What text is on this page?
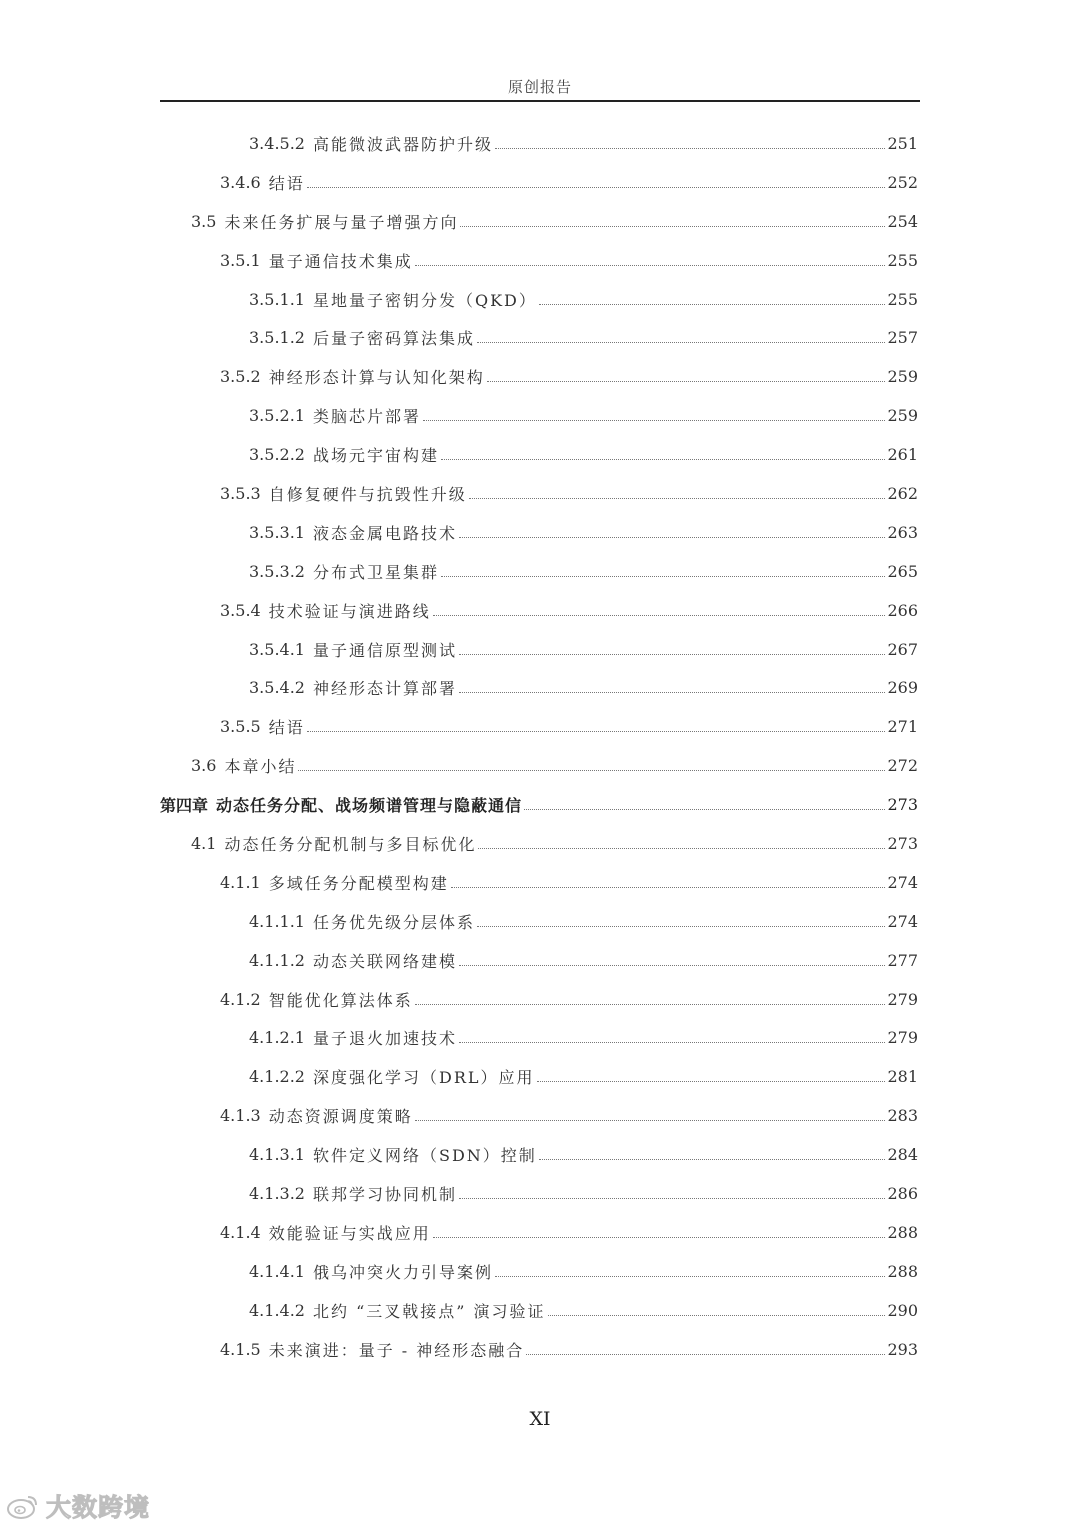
原创报告
3.4.5.2 高能微波武器防护升级	251
3.4.6 结语	252
3.5 未来任务扩展与量子增强方向	254
3.5.1 量子通信技术集成	255
3.5.1.1 星地量子密钥分发（QKD）	255
3.5.1.2 后量子密码算法集成	257
3.5.2 神经形态计算与认知化架构	259
3.5.2.1 类脑芯片部署	259
3.5.2.2 战场元宇宙构建	261
3.5.3 自修复硬件与抗毁性升级	262
3.5.3.1 液态金属电路技术	263
3.5.3.2 分布式卫星集群	265
3.5.4 技术验证与演进路线	266
3.5.4.1 量子通信原型测试	267
3.5.4.2 神经形态计算部署	269
3.5.5 结语	271
3.6 本章小结	272
第四章 动态任务分配、战场频谱管理与隐蔽通信	273
4.1 动态任务分配机制与多目标优化	273
4.1.1 多域任务分配模型构建	274
4.1.1.1 任务优先级分层体系	274
4.1.1.2 动态关联网络建模	277
4.1.2 智能优化算法体系	279
4.1.2.1 量子退火加速技术	279
4.1.2.2 深度强化学习（DRL）应用	281
4.1.3 动态资源调度策略	283
4.1.3.1 软件定义网络（SDN）控制	284
4.1.3.2 联邦学习协同机制	286
4.1.4 效能验证与实战应用	288
4.1.4.1 俄乌冲突火力引导案例	288
4.1.4.2 北约 “三叉戟接点” 演习验证	290
4.1.5 未来演进：量子 - 神经形态融合	293
XI
大数跨境
